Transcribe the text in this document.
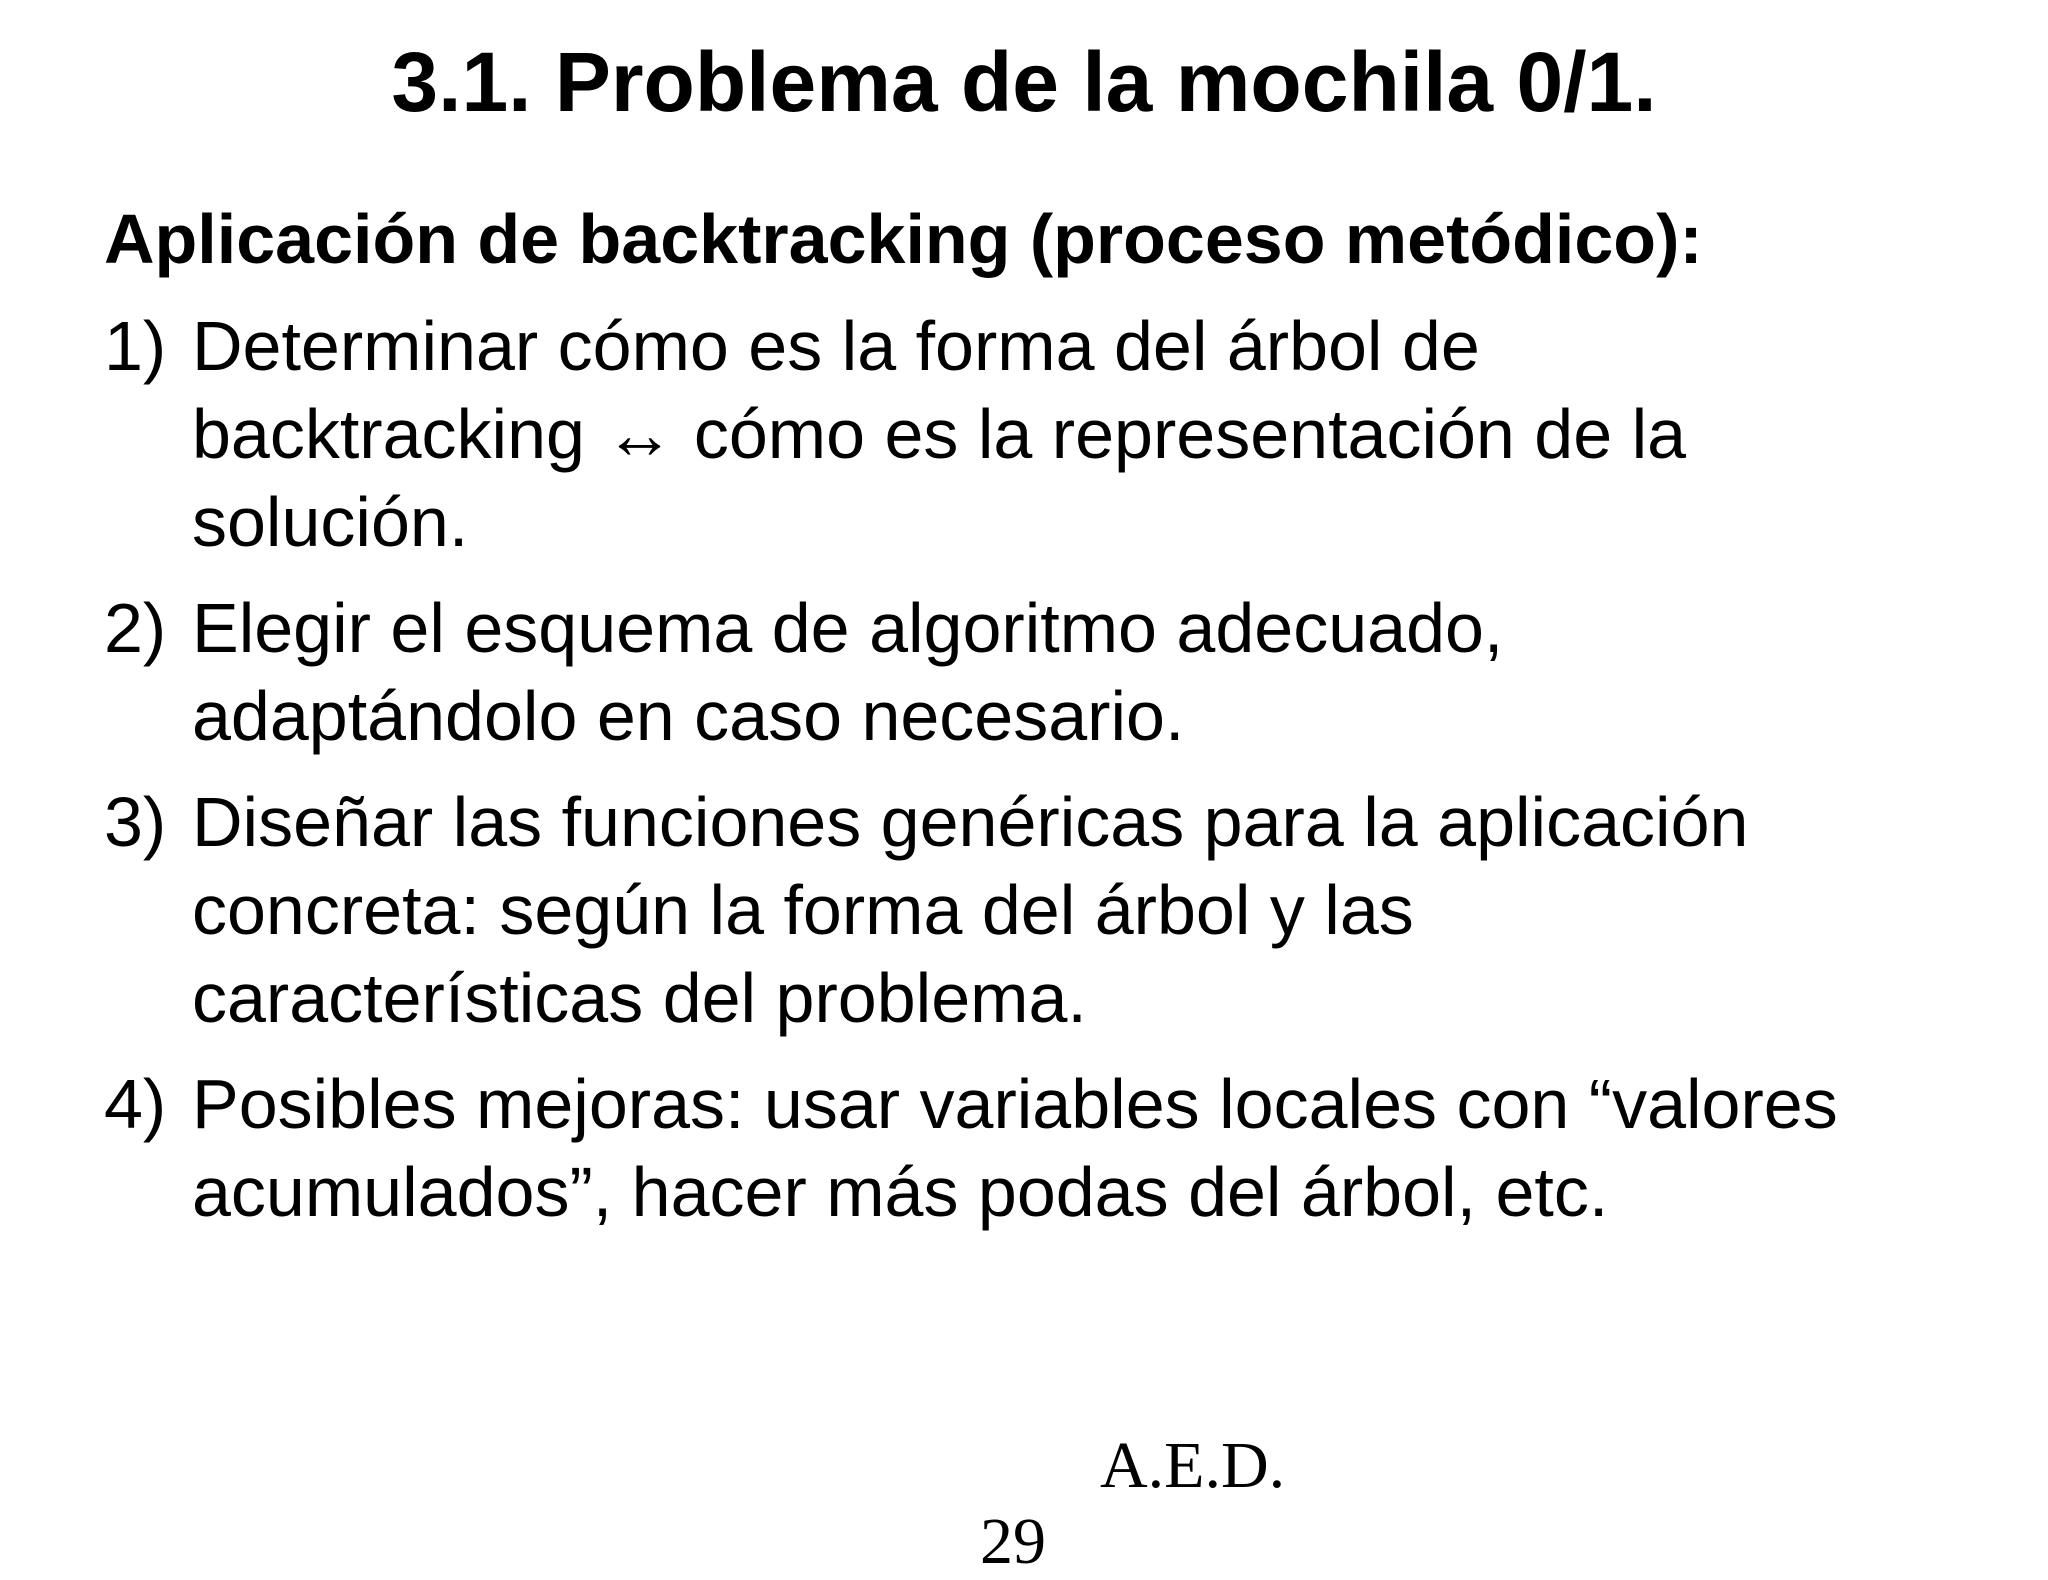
3.1. Problema de la mochila 0/1.
Aplicación de backtracking (proceso metódico):
1) Determinar cómo es la forma del árbol de
backtracking ↔ cómo es la representación de la
solución.
2) Elegir el esquema de algoritmo adecuado,
adaptándolo en caso necesario.
3) Diseñar las funciones genéricas para la aplicación
concreta: según la forma del árbol y las
características del problema.
4) Posibles mejoras: usar variables locales con “valores
acumulados”, hacer más podas del árbol, etc.
A.E.D.
29
